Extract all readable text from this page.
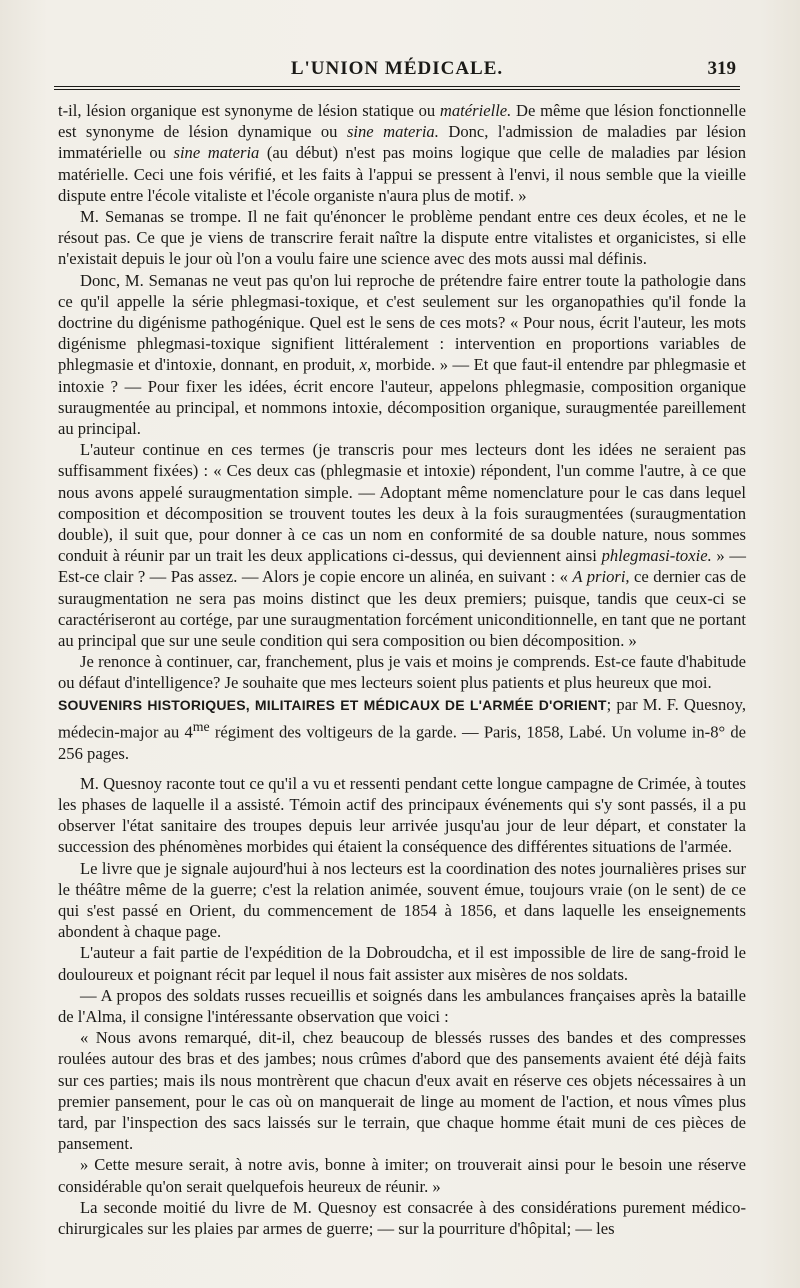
L'UNION MÉDICALE.	319

t-il, lésion organique est synonyme de lésion statique ou matérielle. De même que lésion fonctionnelle est synonyme de lésion dynamique ou sine materia. Donc, l'admission de maladies par lésion immatérielle ou sine materia (au début) n'est pas moins logique que celle de maladies par lésion matérielle. Ceci une fois vérifié, et les faits à l'appui se pressent à l'envi, il nous semble que la vieille dispute entre l'école vitaliste et l'école organiste n'aura plus de motif. »

M. Semanas se trompe. Il ne fait qu'énoncer le problème pendant entre ces deux écoles, et ne le résout pas. Ce que je viens de transcrire ferait naître la dispute entre vitalistes et organicistes, si elle n'existait depuis le jour où l'on a voulu faire une science avec des mots aussi mal définis.

Donc, M. Semanas ne veut pas qu'on lui reproche de prétendre faire entrer toute la pathologie dans ce qu'il appelle la série phlegmasi-toxique, et c'est seulement sur les organopathies qu'il fonde la doctrine du digénisme pathogénique. Quel est le sens de ces mots? « Pour nous, écrit l'auteur, les mots digénisme phlegmasi-toxique signifient littéralement : intervention en proportions variables de phlegmasie et d'intoxie, donnant, en produit, x, morbide. » — Et que faut-il entendre par phlegmasie et intoxie ? — Pour fixer les idées, écrit encore l'auteur, appelons phlegmasie, composition organique suraugmentée au principal, et nommons intoxie, décomposition organique, suraugmentée pareillement au principal.

L'auteur continue en ces termes (je transcris pour mes lecteurs dont les idées ne seraient pas suffisamment fixées) : « Ces deux cas (phlegmasie et intoxie) répondent, l'un comme l'autre, à ce que nous avons appelé suraugmentation simple. — Adoptant même nomenclature pour le cas dans lequel composition et décomposition se trouvent toutes les deux à la fois suraugmentées (suraugmentation double), il suit que, pour donner à ce cas un nom en conformité de sa double nature, nous sommes conduit à réunir par un trait les deux applications ci-dessus, qui deviennent ainsi phlegmasi-toxie. » — Est-ce clair ? — Pas assez. — Alors je copie encore un alinéa, en suivant : « A priori, ce dernier cas de suraugmentation ne sera pas moins distinct que les deux premiers; puisque, tandis que ceux-ci se caractériseront au cortége, par une suraugmentation forcément uniconditionnelle, en tant que ne portant au principal que sur une seule condition qui sera composition ou bien décomposition. »

Je renonce à continuer, car, franchement, plus je vais et moins je comprends. Est-ce faute d'habitude ou défaut d'intelligence? Je souhaite que mes lecteurs soient plus patients et plus heureux que moi.

SOUVENIRS HISTORIQUES, MILITAIRES ET MÉDICAUX DE L'ARMÉE D'ORIENT; par M. F. Quesnoy, médecin-major au $4^{me}$ régiment des voltigeurs de la garde. — Paris, 1858, Labé. Un volume in-8° de 256 pages.

M. Quesnoy raconte tout ce qu'il a vu et ressenti pendant cette longue campagne de Crimée, à toutes les phases de laquelle il a assisté. Témoin actif des principaux événements qui s'y sont passés, il a pu observer l'état sanitaire des troupes depuis leur arrivée jusqu'au jour de leur départ, et constater la succession des phénomènes morbides qui étaient la conséquence des différentes situations de l'armée.

Le livre que je signale aujourd'hui à nos lecteurs est la coordination des notes journalières prises sur le théâtre même de la guerre; c'est la relation animée, souvent émue, toujours vraie (on le sent) de ce qui s'est passé en Orient, du commencement de 1854 à 1856, et dans laquelle les enseignements abondent à chaque page.

L'auteur a fait partie de l'expédition de la Dobroudcha, et il est impossible de lire de sang-froid le douloureux et poignant récit par lequel il nous fait assister aux misères de nos soldats.

— A propos des soldats russes recueillis et soignés dans les ambulances françaises après la bataille de l'Alma, il consigne l'intéressante observation que voici :

« Nous avons remarqué, dit-il, chez beaucoup de blessés russes des bandes et des compresses roulées autour des bras et des jambes; nous crûmes d'abord que des pansements avaient été déjà faits sur ces parties; mais ils nous montrèrent que chacun d'eux avait en réserve ces objets nécessaires à un premier pansement, pour le cas où on manquerait de linge au moment de l'action, et nous vîmes plus tard, par l'inspection des sacs laissés sur le terrain, que chaque homme était muni de ces pièces de pansement.

» Cette mesure serait, à notre avis, bonne à imiter; on trouverait ainsi pour le besoin une réserve considérable qu'on serait quelquefois heureux de réunir. »

La seconde moitié du livre de M. Quesnoy est consacrée à des considérations purement médico-chirurgicales sur les plaies par armes de guerre; — sur la pourriture d'hôpital; — les
